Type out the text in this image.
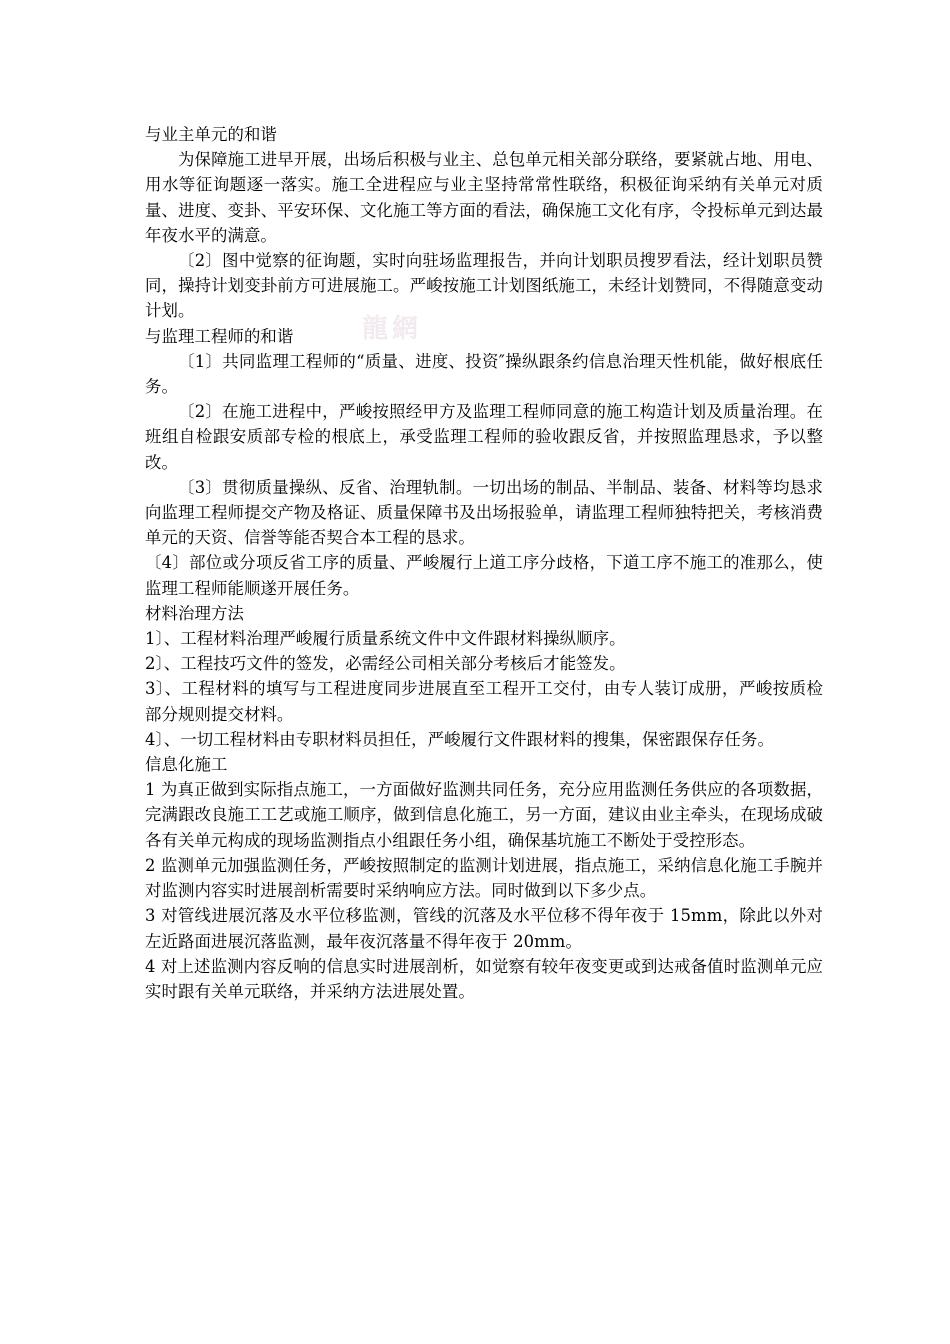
龍網

与业主单元的和谐

为保障施工进早开展，出场后积极与业主、总包单元相关部分联络，要紧就占地、用电、用水等征询题逐一落实。施工全进程应与业主坚持常常性联络，积极征询采纳有关单元对质量、进度、变卦、平安环保、文化施工等方面的看法，确保施工文化有序，令投标单元到达最年夜水平的满意。

〔2〕图中觉察的征询题，实时向驻场监理报告，并向计划职员搜罗看法，经计划职员赞同，操持计划变卦前方可进展施工。严峻按施工计划图纸施工，未经计划赞同，不得随意变动计划。

与监理工程师的和谐

〔1〕共同监理工程师的“质量、进度、投资″操纵跟条约信息治理天性机能，做好根底任务。

〔2〕在施工进程中，严峻按照经甲方及监理工程师同意的施工构造计划及质量治理。在班组自检跟安质部专检的根底上，承受监理工程师的验收跟反省，并按照监理恳求，予以整改。

〔3〕贯彻质量操纵、反省、治理轨制。一切出场的制品、半制品、装备、材料等均恳求向监理工程师提交产物及格证、质量保障书及出场报验单，请监理工程师独特把关，考核消费单元的天资、信誉等能否契合本工程的恳求。

〔4〕部位或分项反省工序的质量、严峻履行上道工序分歧格，下道工序不施工的准那么，使监理工程师能顺遂开展任务。

材料治理方法

1〕、工程材料治理严峻履行质量系统文件中文件跟材料操纵顺序。

2〕、工程技巧文件的签发，必需经公司相关部分考核后才能签发。

3〕、工程材料的填写与工程进度同步进展直至工程开工交付，由专人装订成册，严峻按质检部分规则提交材料。

4〕、一切工程材料由专职材料员担任，严峻履行文件跟材料的搜集，保密跟保存任务。

信息化施工

1 为真正做到实际指点施工，一方面做好监测共同任务，充分应用监测任务供应的各项数据，完满跟改良施工工艺或施工顺序，做到信息化施工，另一方面，建议由业主牵头，在现场成破各有关单元构成的现场监测指点小组跟任务小组，确保基坑施工不断处于受控形态。

2 监测单元加强监测任务，严峻按照制定的监测计划进展，指点施工，采纳信息化施工手腕并对监测内容实时进展剖析需要时采纳响应方法。同时做到以下多少点。

3 对管线进展沉落及水平位移监测，管线的沉落及水平位移不得年夜于 15mm，除此以外对左近路面进展沉落监测，最年夜沉落量不得年夜于 20mm。

4 对上述监测内容反响的信息实时进展剖析，如觉察有较年夜变更或到达戒备值时监测单元应实时跟有关单元联络，并采纳方法进展处置。
